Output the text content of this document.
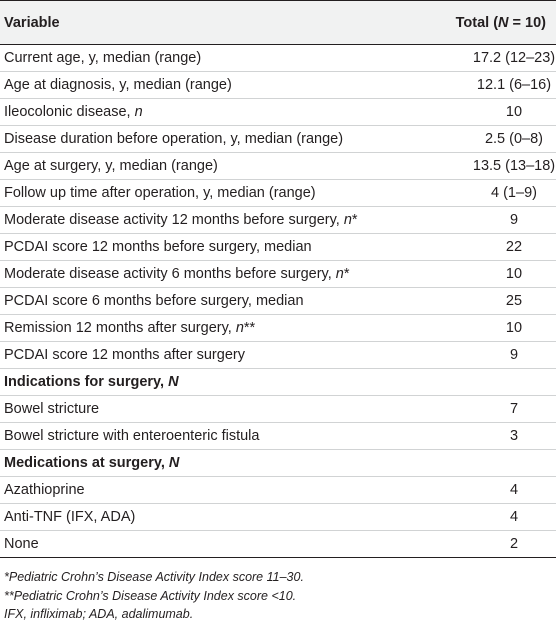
Variable	Total (N = 10)
Current age, y, median (range)	17.2 (12–23)
Age at diagnosis, y, median (range)	12.1 (6–16)
Ileocolonic disease, n	10
Disease duration before operation, y, median (range)	2.5 (0–8)
Age at surgery, y, median (range)	13.5 (13–18)
Follow up time after operation, y, median (range)	4 (1–9)
Moderate disease activity 12 months before surgery, n*	9
PCDAI score 12 months before surgery, median	22
Moderate disease activity 6 months before surgery, n*	10
PCDAI score 6 months before surgery, median	25
Remission 12 months after surgery, n**	10
PCDAI score 12 months after surgery	9
Indications for surgery, N	
Bowel stricture	7
Bowel stricture with enteroenteric fistula	3
Medications at surgery, N	
Azathioprine	4
Anti-TNF (IFX, ADA)	4
None	2
*Pediatric Crohn’s Disease Activity Index score 11–30.
**Pediatric Crohn’s Disease Activity Index score <10.
IFX, infliximab; ADA, adalimumab.
